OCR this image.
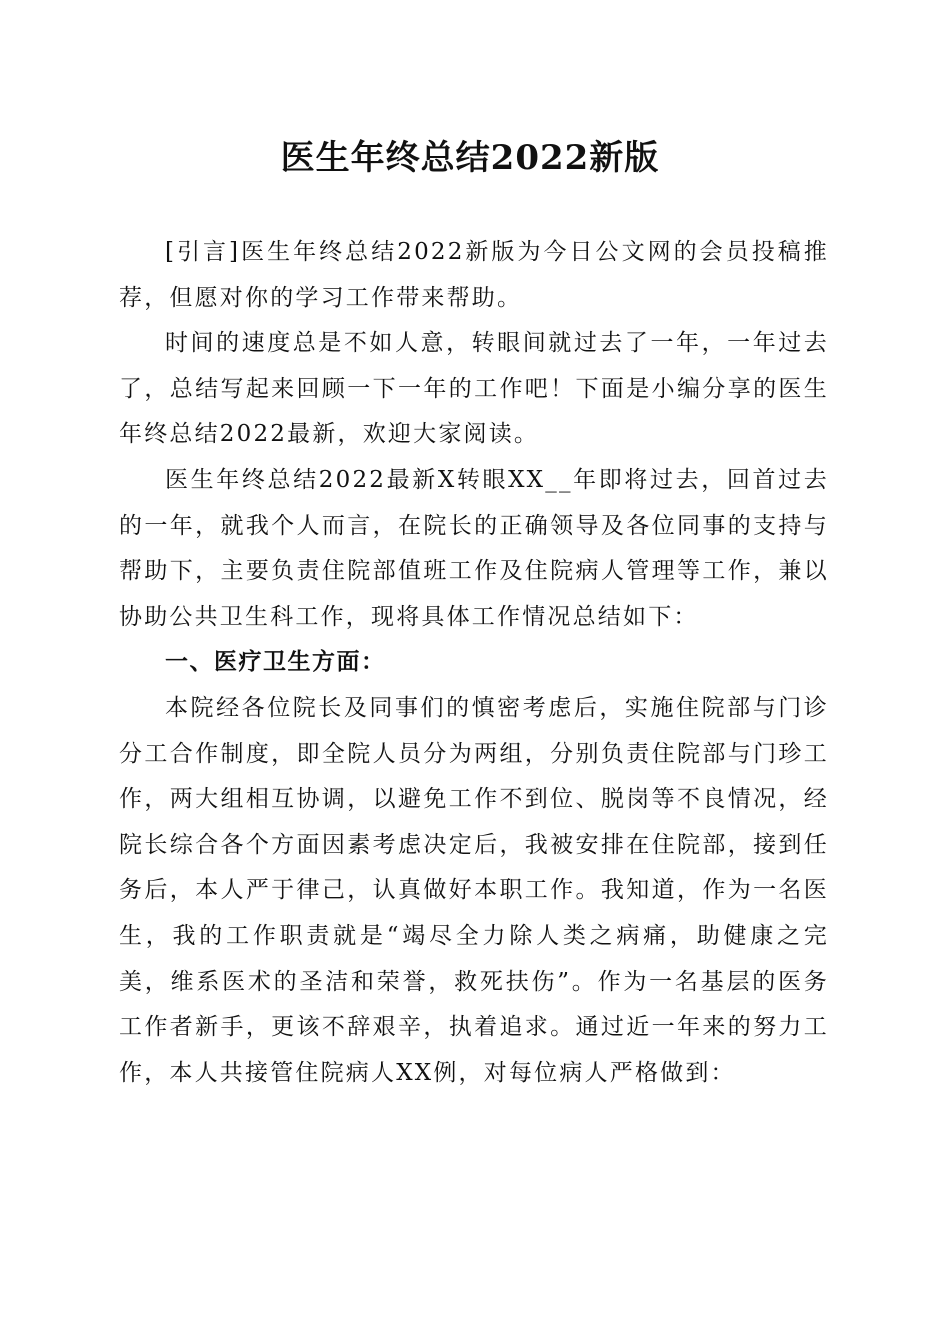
医生年终总结2022新版

[引言]医生年终总结2022新版为今日公文网的会员投稿推荐，但愿对你的学习工作带来帮助。

时间的速度总是不如人意，转眼间就过去了一年，一年过去了，总结写起来回顾一下一年的工作吧！下面是小编分享的医生年终总结2022最新，欢迎大家阅读。

医生年终总结2022最新X转眼XX__年即将过去，回首过去的一年，就我个人而言，在院长的正确领导及各位同事的支持与帮助下，主要负责住院部值班工作及住院病人管理等工作，兼以协助公共卫生科工作，现将具体工作情况总结如下：

一、医疗卫生方面：

本院经各位院长及同事们的慎密考虑后，实施住院部与门诊分工合作制度，即全院人员分为两组，分别负责住院部与门珍工作，两大组相互协调，以避免工作不到位、脱岗等不良情况，经院长综合各个方面因素考虑决定后，我被安排在住院部，接到任务后，本人严于律己，认真做好本职工作。我知道，作为一名医生，我的工作职责就是“竭尽全力除人类之病痛，助健康之完美，维系医术的圣洁和荣誉，救死扶伤”。作为一名基层的医务工作者新手，更该不辞艰辛，执着追求。通过近一年来的努力工作，本人共接管住院病人XX例，对每位病人严格做到：
